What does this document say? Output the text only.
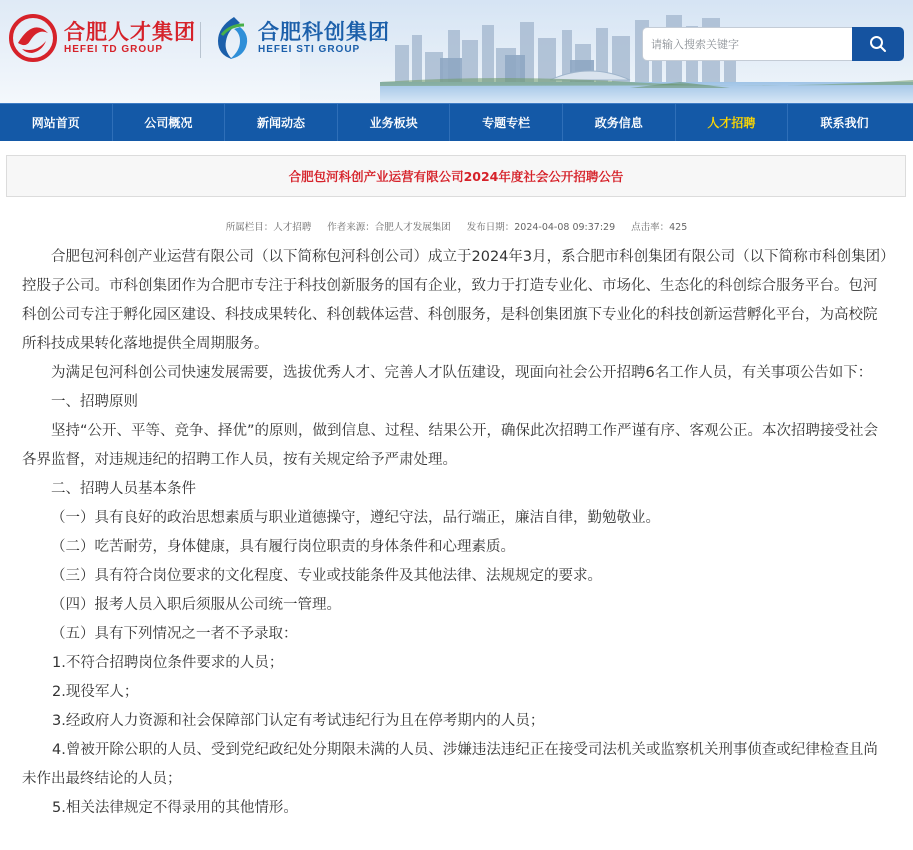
合肥人才集团
HEFEI TD GROUP
合肥科创集团
HEFEI STI GROUP
请输入搜索关键字
网站首页	公司概况	新闻动态	业务板块	专题专栏	政务信息	人才招聘	联系我们
合肥包河科创产业运营有限公司2024年度社会公开招聘公告
所属栏目：人才招聘 作者来源：合肥人才发展集团 发布日期：2024-04-08 09:37:29 点击率：425

合肥包河科创产业运营有限公司（以下简称包河科创公司）成立于2024年3月，系合肥市科创集团有限公司（以下简称市科创集团）控股子公司。市科创集团作为合肥市专注于科技创新服务的国有企业，致力于打造专业化、市场化、生态化的科创综合服务平台。包河科创公司专注于孵化园区建设、科技成果转化、科创载体运营、科创服务，是科创集团旗下专业化的科技创新运营孵化平台，为高校院所科技成果转化落地提供全周期服务。

为满足包河科创公司快速发展需要，选拔优秀人才、完善人才队伍建设，现面向社会公开招聘6名工作人员，有关事项公告如下：

一、招聘原则

坚持“公开、平等、竞争、择优”的原则，做到信息、过程、结果公开，确保此次招聘工作严谨有序、客观公正。本次招聘接受社会各界监督，对违规违纪的招聘工作人员，按有关规定给予严肃处理。

二、招聘人员基本条件

（一）具有良好的政治思想素质与职业道德操守，遵纪守法，品行端正，廉洁自律，勤勉敬业。

（二）吃苦耐劳，身体健康，具有履行岗位职责的身体条件和心理素质。

（三）具有符合岗位要求的文化程度、专业或技能条件及其他法律、法规规定的要求。

（四）报考人员入职后须服从公司统一管理。

（五）具有下列情况之一者不予录取：

1.不符合招聘岗位条件要求的人员；

2.现役军人；

3.经政府人力资源和社会保障部门认定有考试违纪行为且在停考期内的人员；

4.曾被开除公职的人员、受到党纪政纪处分期限未满的人员、涉嫌违法违纪正在接受司法机关或监察机关刑事侦查或纪律检查且尚未作出最终结论的人员；

5.相关法律规定不得录用的其他情形。
